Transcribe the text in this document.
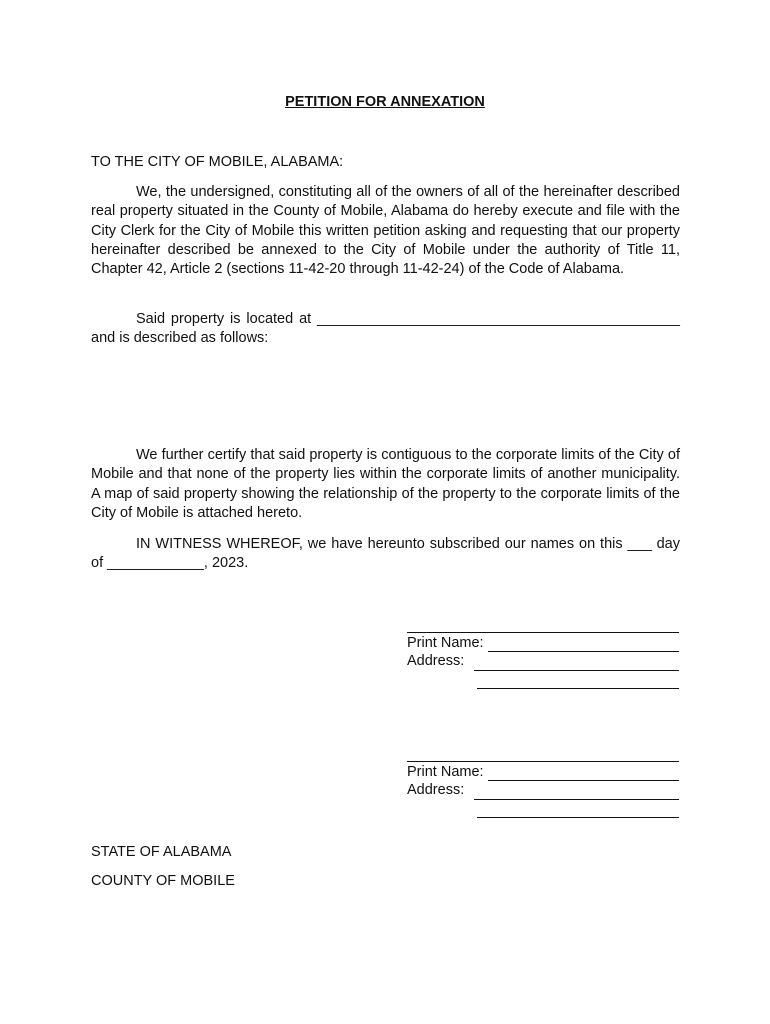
PETITION FOR ANNEXATION
TO THE CITY OF MOBILE, ALABAMA:

We, the undersigned, constituting all of the owners of all of the hereinafter described real property situated in the County of Mobile, Alabama do hereby execute and file with the City Clerk for the City of Mobile this written petition asking and requesting that our property hereinafter described be annexed to the City of Mobile under the authority of Title 11, Chapter 42, Article 2 (sections 11-42-20 through 11-42-24) of the Code of Alabama.

Said property is located at _____________________________________________ and is described as follows:

We further certify that said property is contiguous to the corporate limits of the City of Mobile and that none of the property lies within the corporate limits of another municipality. A map of said property showing the relationship of the property to the corporate limits of the City of Mobile is attached hereto.

IN WITNESS WHEREOF, we have hereunto subscribed our names on this ___ day of ____________, 2023.

Print Name:
Address:
Print Name:
Address:
STATE OF ALABAMA
COUNTY OF MOBILE
